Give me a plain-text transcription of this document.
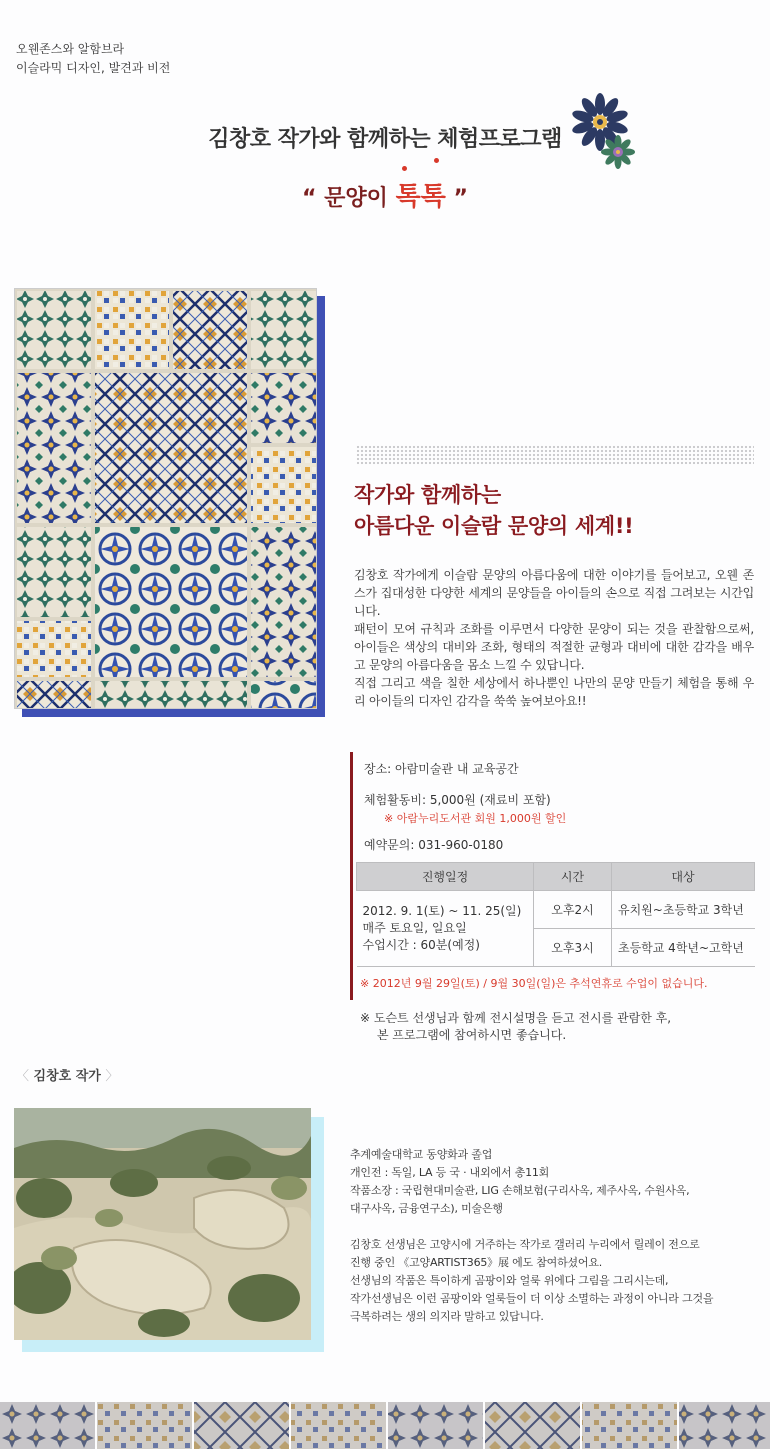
오웬존스와 알함브라
이슬라믹 디자인, 발견과 비전
김창호 작가와 함께하는 체험프로그램
“ 문양이 톡톡 ”
작가와 함께하는
아름다운 이슬람 문양의 세계!!

김창호 작가에게 이슬람 문양의 아름다움에 대한 이야기를 들어보고, 오웬 존스가 집대성한 다양한 세계의 문양들을 아이들의 손으로 직접 그려보는 시간입니다.

패턴이 모여 규칙과 조화를 이루면서 다양한 문양이 되는 것을 관찰함으로써, 아이들은 색상의 대비와 조화, 형태의 적절한 균형과 대비에 대한 감각을 배우고 문양의 아름다움을 몸소 느낄 수 있답니다.

직접 그리고 색을 칠한 세상에서 하나뿐인 나만의 문양 만들기 체험을 통해 우리 아이들의 디자인 감각을 쑥쑥 높여보아요!!

장소: 아람미술관 내 교육공간
체험활동비: 5,000원 (재료비 포함)
※ 아람누리도서관 회원 1,000원 할인
예약문의: 031-960-0180
진행일정	시간	대상

2012. 9. 1(토) ~ 11. 25(일)
매주 토요일, 일요일
수업시간 : 60분(예정)	오후2시	유치원~초등학교 3학년
	오후3시	초등학교 4학년~고학년
※ 2012년 9월 29일(토) / 9월 30일(일)은 추석연휴로 수업이 없습니다.
※ 도슨트 선생님과 함께 전시설명을 듣고 전시를 관람한 후,
본 프로그램에 참여하시면 좋습니다.
〈 김창호 작가 〉
추계예술대학교 동양화과 졸업
개인전 : 독일, LA 등 국 · 내외에서 총11회
작품소장 : 국립현대미술관, LIG 손해보험(구리사옥, 제주사옥, 수원사옥,
대구사옥, 금융연구소), 미술은행
김창호 선생님은 고양시에 거주하는 작가로 갤러리 누리에서 릴레이 전으로
진행 중인 《고양ARTIST365》展 에도 참여하셨어요.
선생님의 작품은 특이하게 곰팡이와 얼룩 위에다 그림을 그리시는데,
작가선생님은 이런 곰팡이와 얼룩들이 더 이상 소멸하는 과정이 아니라 그것을
극복하려는 생의 의지라 말하고 있답니다.
